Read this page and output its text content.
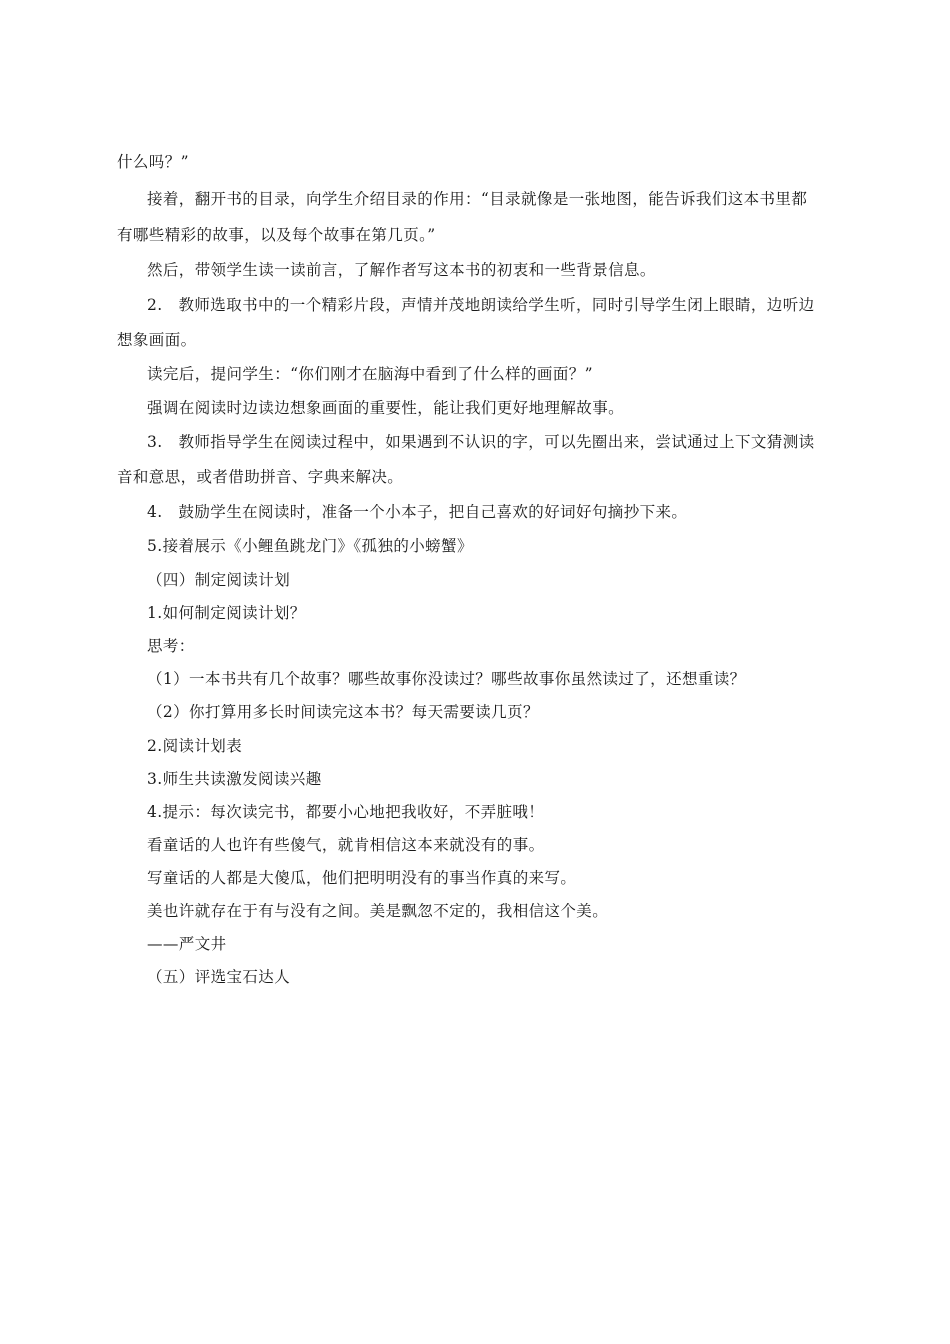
什么吗？”
接着，翻开书的目录，向学生介绍目录的作用：“目录就像是一张地图，能告诉我们这本书里都
有哪些精彩的故事，以及每个故事在第几页。”
然后，带领学生读一读前言，了解作者写这本书的初衷和一些背景信息。
2.　教师选取书中的一个精彩片段，声情并茂地朗读给学生听，同时引导学生闭上眼睛，边听边
想象画面。
读完后，提问学生：“你们刚才在脑海中看到了什么样的画面？”
强调在阅读时边读边想象画面的重要性，能让我们更好地理解故事。
3.　教师指导学生在阅读过程中，如果遇到不认识的字，可以先圈出来，尝试通过上下文猜测读
音和意思，或者借助拼音、字典来解决。
4.　鼓励学生在阅读时，准备一个小本子，把自己喜欢的好词好句摘抄下来。
5.接着展示《小鲤鱼跳龙门》《孤独的小螃蟹》
（四）制定阅读计划
1.如何制定阅读计划？
思考：
（1）一本书共有几个故事？哪些故事你没读过？哪些故事你虽然读过了，还想重读？
（2）你打算用多长时间读完这本书？每天需要读几页？
2.阅读计划表
3.师生共读激发阅读兴趣
4.提示：每次读完书，都要小心地把我收好，不弄脏哦！
看童话的人也许有些傻气，就肯相信这本来就没有的事。
写童话的人都是大傻瓜，他们把明明没有的事当作真的来写。
美也许就存在于有与没有之间。美是飘忽不定的，我相信这个美。
——严文井
（五）评选宝石达人
